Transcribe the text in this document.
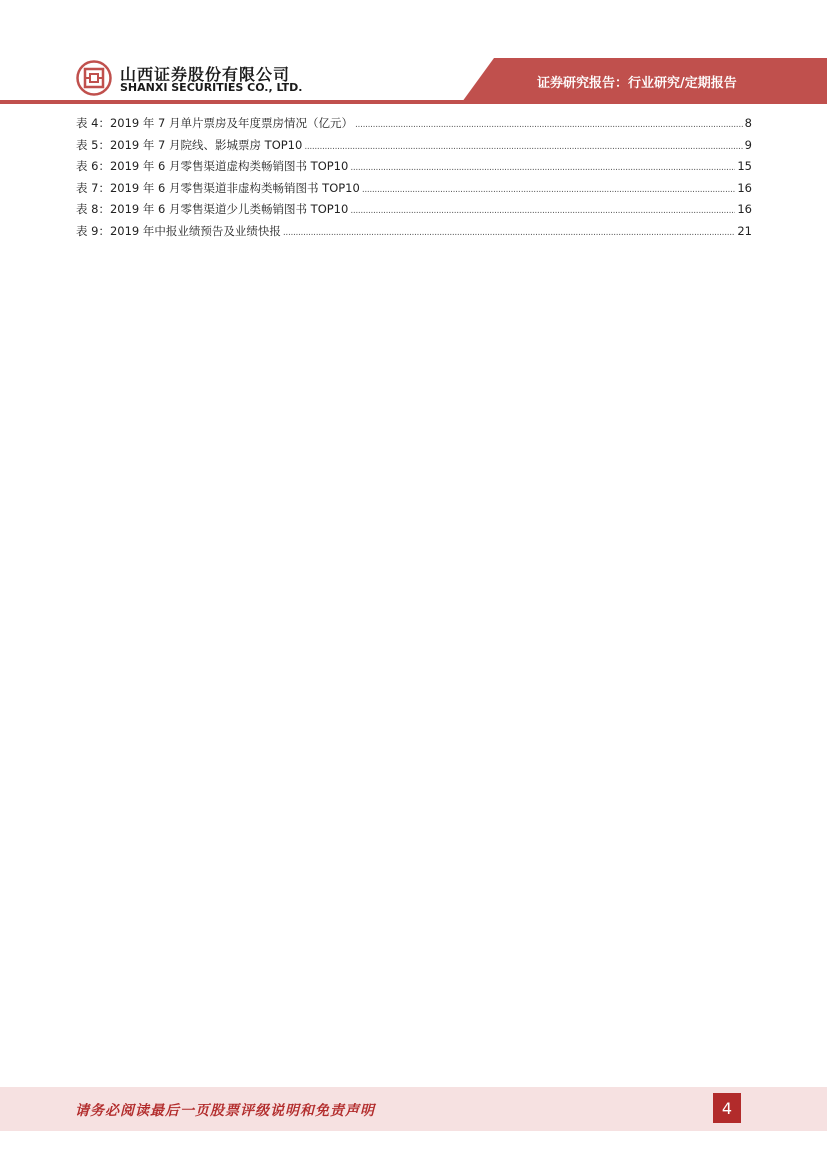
山西证券股份有限公司
SHANXI SECURITIES CO., LTD.	证券研究报告：行业研究/定期报告
表 4：2019 年 7 月单片票房及年度票房情况（亿元） . . .	8
表 5：2019 年 7 月院线、影城票房 TOP10 . . .	9
表 6：2019 年 6 月零售渠道虚构类畅销图书 TOP10 . . .	15
表 7：2019 年 6 月零售渠道非虚构类畅销图书 TOP10 . . .	16
表 8：2019 年 6 月零售渠道少儿类畅销图书 TOP10 . . .	16
表 9：2019 年中报业绩预告及业绩快报 . . .	21
请务必阅读最后一页股票评级说明和免责声明	4
